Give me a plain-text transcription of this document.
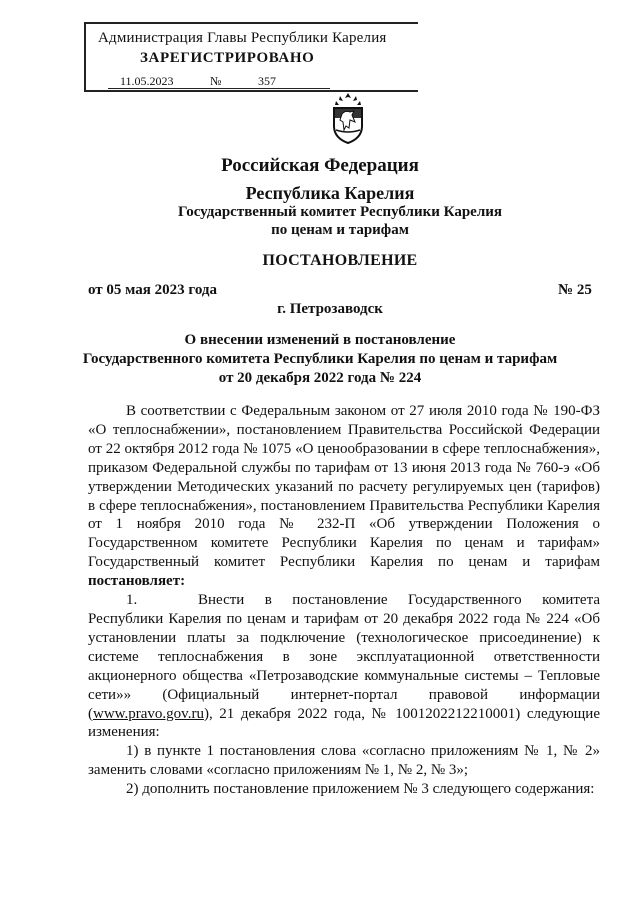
Администрация Главы Республики Карелия
ЗАРЕГИСТРИРОВАНО
11.05.2023	№	357
Российская Федерация
Республика Карелия
Государственный комитет Республики Карелия
по ценам и тарифам
ПОСТАНОВЛЕНИЕ
от 05 мая 2023 года	№ 25
г. Петрозаводск
О внесении изменений в постановление
Государственного комитета Республики Карелия по ценам и тарифам
от 20 декабря 2022 года № 224

В соответствии с Федеральным законом от 27 июля 2010 года № 190-ФЗ «О теплоснабжении», постановлением Правительства Российской Федерации от 22 октября 2012 года № 1075 «О ценообразовании в сфере теплоснабжения», приказом Федеральной службы по тарифам от 13 июня 2013 года № 760-э «Об утверждении Методических указаний по расчету регулируемых цен (тарифов) в сфере теплоснабжения», постановлением Правительства Республики Карелия от 1 ноября 2010 года № 232-П «Об утверждении Положения о Государственном комитете Республики Карелия по ценам и тарифам» Государственный комитет Республики Карелия по ценам и тарифам постановляет:

1.	Внести в постановление Государственного комитета Республики Карелия по ценам и тарифам от 20 декабря 2022 года № 224 «Об установлении платы за подключение (технологическое присоединение) к системе теплоснабжения в зоне эксплуатационной ответственности акционерного общества «Петрозаводские коммунальные системы – Тепловые сети»» (Официальный интернет-портал правовой информации (www.pravo.gov.ru), 21 декабря 2022 года, № 1001202212210001) следующие изменения:

1) в пункте 1 постановления слова «согласно приложениям № 1, № 2» заменить словами «согласно приложениям № 1, № 2, № 3»;

2) дополнить постановление приложением № 3 следующего содержания:
